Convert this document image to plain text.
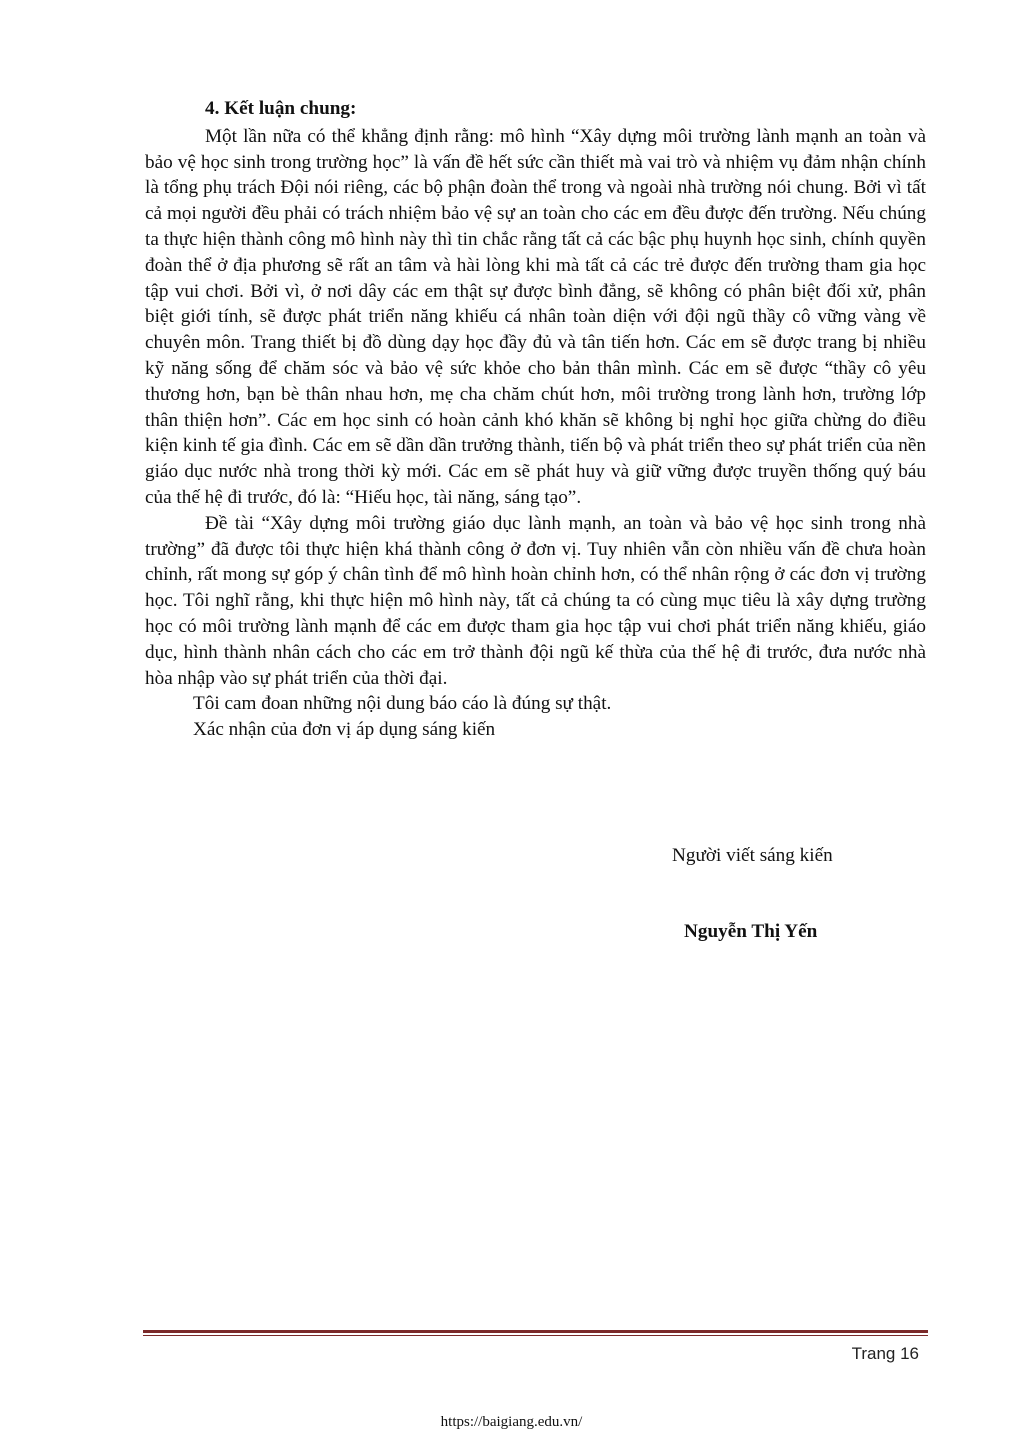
4. Kết luận chung:

Một lần nữa có thể khẳng định rằng: mô hình “Xây dựng môi trường lành mạnh an toàn và bảo vệ học sinh trong trường học” là vấn đề hết sức cần thiết mà vai trò và nhiệm vụ đảm nhận chính là tổng phụ trách Đội nói riêng, các bộ phận đoàn thể trong và ngoài nhà trường nói chung. Bởi vì tất cả mọi người đều phải có trách nhiệm bảo vệ sự an toàn cho các em đều được đến trường. Nếu chúng ta thực hiện thành công mô hình này thì tin chắc rằng tất cả các bậc phụ huynh học sinh, chính quyền đoàn thể ở địa phương sẽ rất an tâm và hài lòng khi mà tất cả các trẻ được đến trường tham gia học tập vui chơi. Bởi vì, ở nơi dây các em thật sự được bình đẳng, sẽ không có phân biệt đối xử, phân biệt giới tính, sẽ được phát triển năng khiếu cá nhân toàn diện với đội ngũ thầy cô vững vàng về chuyên môn. Trang thiết bị đồ dùng dạy học đầy đủ và tân tiến hơn. Các em sẽ được trang bị nhiều kỹ năng sống để chăm sóc và bảo vệ sức khỏe cho bản thân mình. Các em sẽ được “thầy cô yêu thương hơn, bạn bè thân nhau hơn, mẹ cha chăm chút hơn, môi trường trong lành hơn, trường lớp thân thiện hơn”. Các em học sinh có hoàn cảnh khó khăn sẽ không bị nghỉ học giữa chừng do điều kiện kinh tế gia đình. Các em sẽ dần dần trưởng thành, tiến bộ và phát triển theo sự phát triển của nền giáo dục nước nhà trong thời kỳ mới. Các em sẽ phát huy và giữ vững được truyền thống quý báu của thế hệ đi trước, đó là: “Hiếu học, tài năng, sáng tạo”.

Đề tài “Xây dựng môi trường giáo dục lành mạnh, an toàn và bảo vệ học sinh trong nhà trường” đã được tôi thực hiện khá thành công ở đơn vị. Tuy nhiên vẫn còn nhiều vấn đề chưa hoàn chỉnh, rất mong sự góp ý chân tình để mô hình hoàn chỉnh hơn, có thể nhân rộng ở các đơn vị trường học. Tôi nghĩ rằng, khi thực hiện mô hình này, tất cả chúng ta có cùng mục tiêu là xây dựng trường học có môi trường lành mạnh để các em được tham gia học tập vui chơi phát triển năng khiếu, giáo dục, hình thành nhân cách cho các em trở thành đội ngũ kế thừa của thế hệ đi trước, đưa nước nhà hòa nhập vào sự phát triển của thời đại.

Tôi cam đoan những nội dung báo cáo là đúng sự thật.

Xác nhận của đơn vị áp dụng sáng kiến

Người viết sáng kiến
Nguyễn Thị Yến
Trang 16
https://baigiang.edu.vn/
